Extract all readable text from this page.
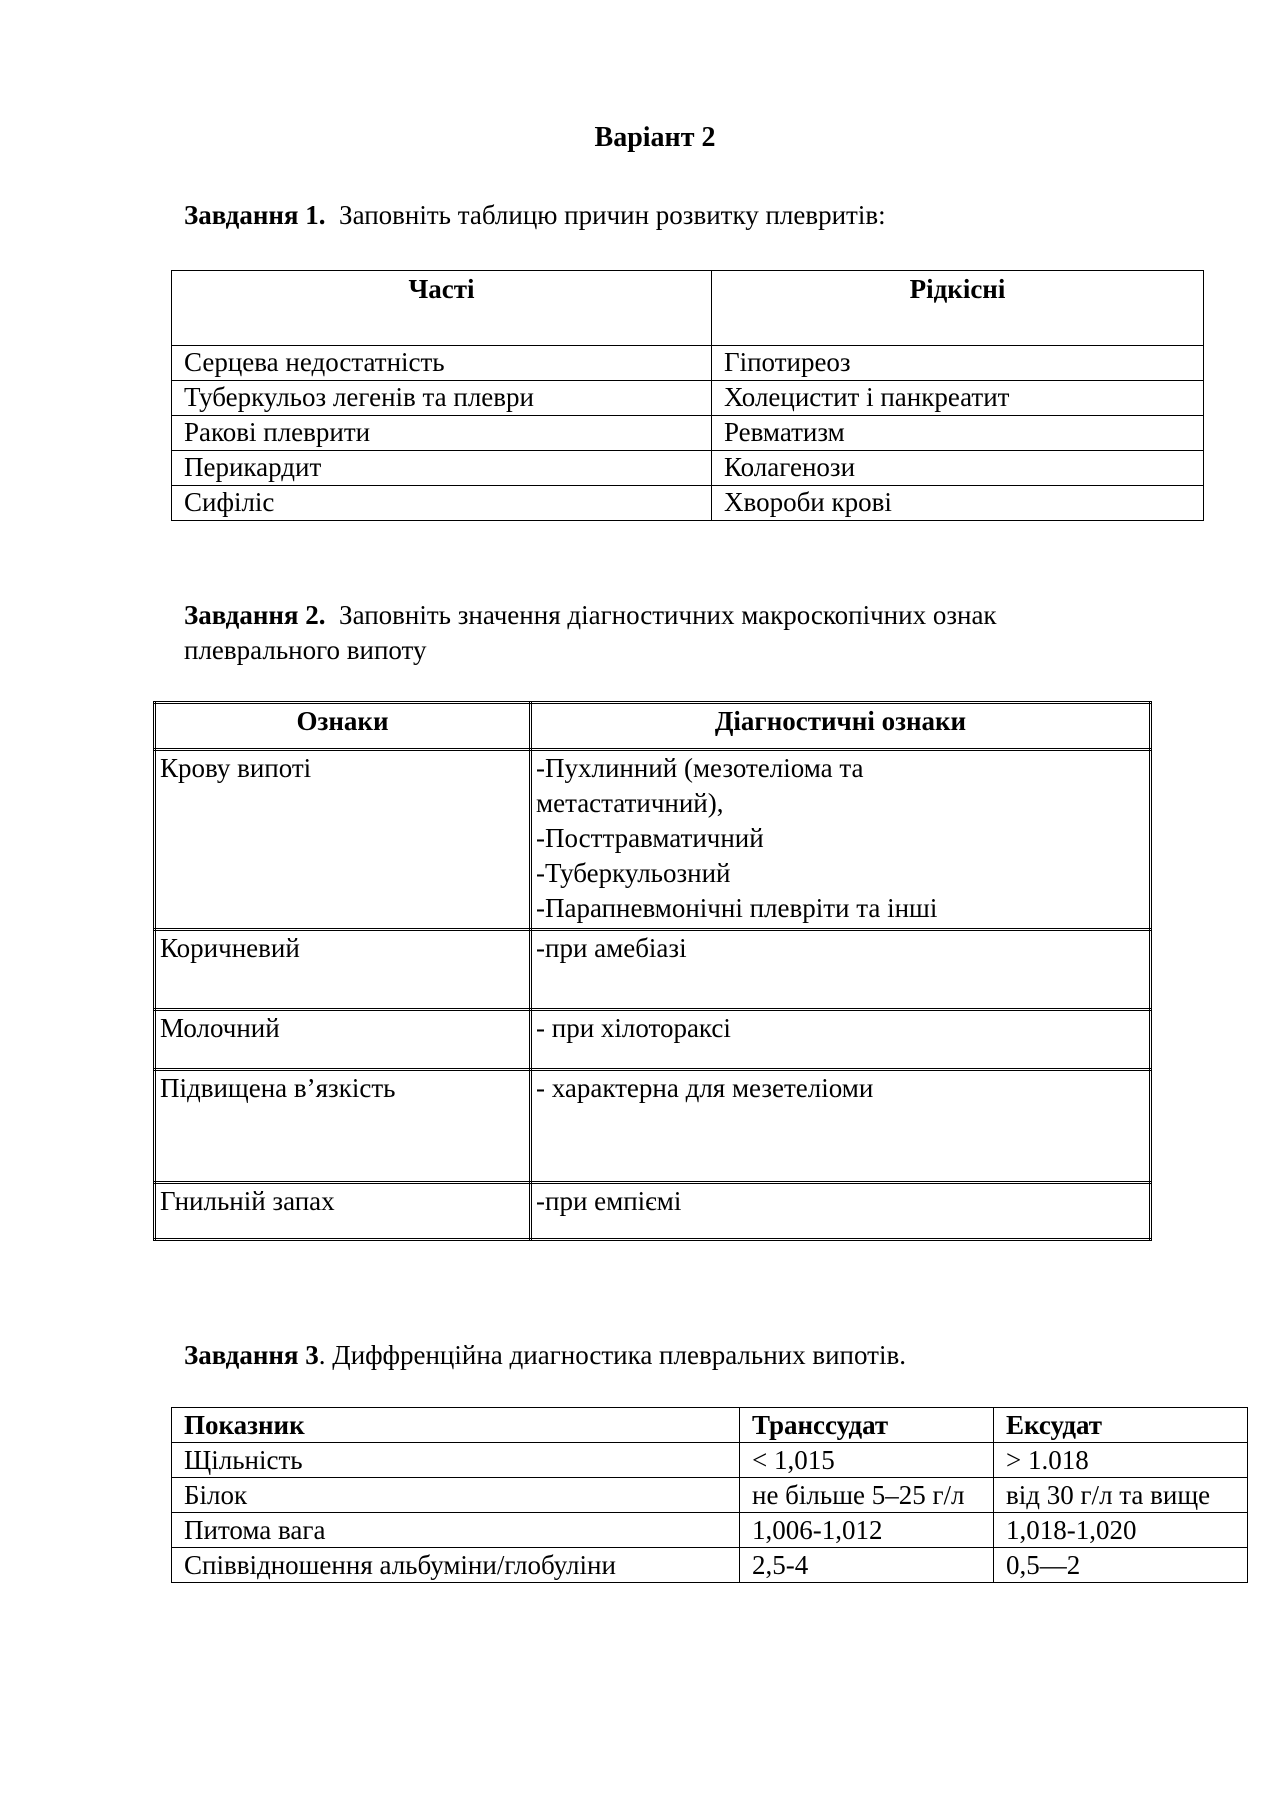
Варіант 2
Завдання 1. Заповніть таблицю причин розвитку плевритів:
Часті	Рідкісні
Серцева недостатність	Гіпотиреоз
Туберкульоз легенів та плеври	Холецистит і панкреатит
Ракові плеврити	Ревматизм
Перикардит	Колагенози
Сифіліс	Хвороби крові
Завдання 2. Заповніть значення діагностичних макроскопічних ознак
плеврального випоту
Ознаки	Діагностичні ознаки
Крову випоті	-Пухлинний (мезотеліома та
метастатичний),
-Посттравматичний
-Туберкульозний
-Парапневмонічні плевріти та інші

Коричневий	-при амебіазі
Молочний	- при хілотораксі
Підвищена в’язкість	- характерна для мезетеліоми
Гнильній запах	-при емпіємі
Завдання 3. Диффренційна диагностика плевральних випотів.
Показник	Транссудат	Ексудат
Щільність	< 1,015	> 1.018
Білок	не більше 5–25 г/л	від 30 г/л та вище
Питома вага	1,006-1,012	1,018-1,020
Співвідношення альбуміни/глобуліни	2,5-4	0,5—2
